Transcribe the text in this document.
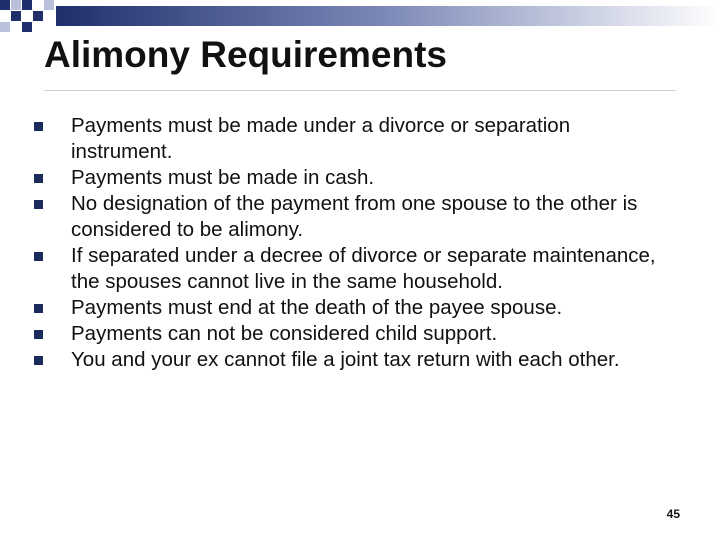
Alimony Requirements
Payments must be made under a divorce or separation instrument.
Payments must be made in cash.
No designation of the payment from one spouse to the other is considered to be alimony.
If separated under a decree of divorce or separate maintenance, the spouses cannot live in the same household.
Payments must end at the death of the payee spouse.
Payments can not be considered child support.
You and your ex cannot file a joint tax return with each other.
45
